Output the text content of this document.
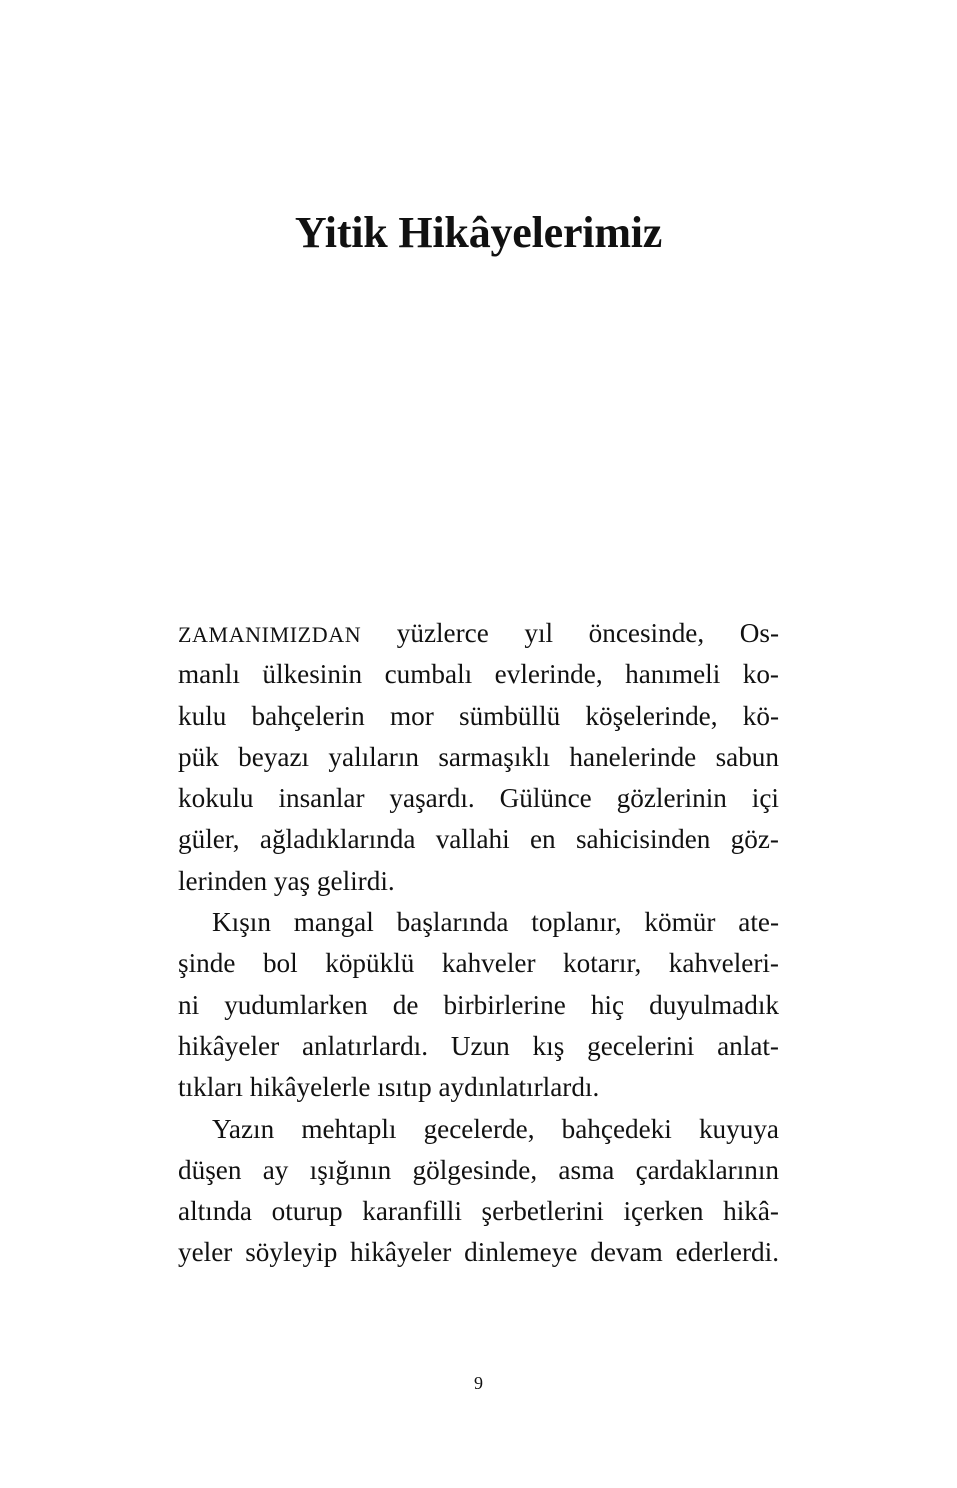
Yitik Hikâyelerimiz
ZAMANIMIZDAN yüzlerce yıl öncesinde, Os-
manlı ülkesinin cumbalı evlerinde, hanımeli ko-
kulu bahçelerin mor sümbüllü köşelerinde, kö-
pük beyazı yalıların sarmaşıklı hanelerinde sabun
kokulu insanlar yaşardı. Gülünce gözlerinin içi
güler, ağladıklarında vallahi en sahicisinden göz-
lerinden yaş gelirdi.
Kışın mangal başlarında toplanır, kömür ate-
şinde bol köpüklü kahveler kotarır, kahveleri-
ni yudumlarken de birbirlerine hiç duyulmadık
hikâyeler anlatırlardı. Uzun kış gecelerini anlat-
tıkları hikâyelerle ısıtıp aydınlatırlardı.
Yazın mehtaplı gecelerde, bahçedeki kuyuya
düşen ay ışığının gölgesinde, asma çardaklarının
altında oturup karanfilli şerbetlerini içerken hikâ-
yeler söyleyip hikâyeler dinlemeye devam ederlerdi.
9
